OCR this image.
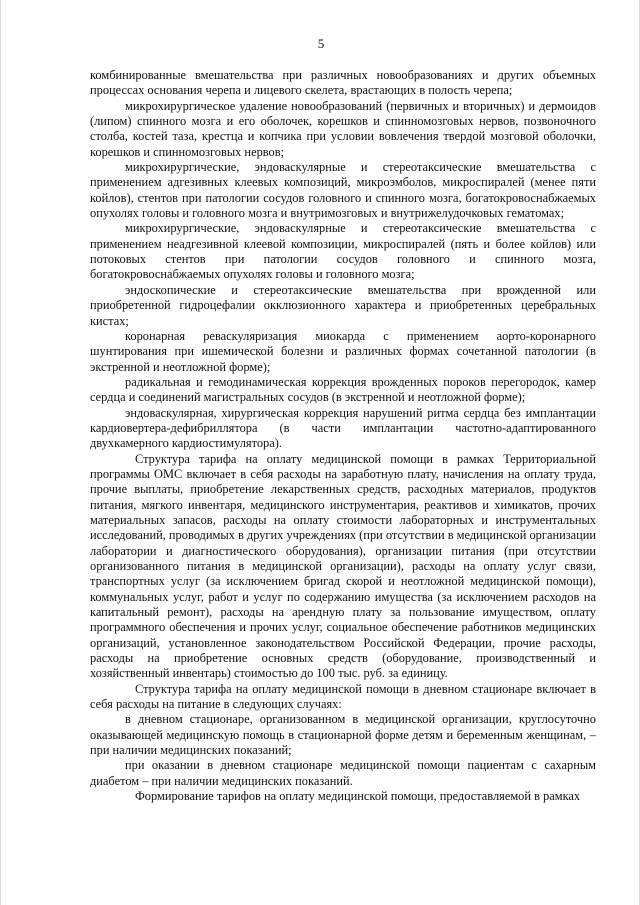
5

комбинированные вмешательства при различных новообразованиях и других объемных процессах основания черепа и лицевого скелета, врастающих в полость черепа;

микрохирургическое удаление новообразований (первичных и вторичных) и дермоидов (липом) спинного мозга и его оболочек, корешков и спинномозговых нервов, позвоночного столба, костей таза, крестца и копчика при условии вовлечения твердой мозговой оболочки, корешков и спинномозговых нервов;

микрохирургические, эндоваскулярные и стереотаксические вмешательства с применением адгезивных клеевых композиций, микроэмболов, микроспиралей (менее пяти койлов), стентов при патологии сосудов головного и спинного мозга, богатокровоснабжаемых опухолях головы и головного мозга и внутримозговых и внутрижелудочковых гематомах;

микрохирургические, эндоваскулярные и стереотаксические вмешательства с применением неадгезивной клеевой композиции, микроспиралей (пять и более койлов) или потоковых стентов при патологии сосудов головного и спинного мозга, богатокровоснабжаемых опухолях головы и головного мозга;

эндоскопические и стереотаксические вмешательства при врожденной или приобретенной гидроцефалии окклюзионного характера и приобретенных церебральных кистах;

коронарная реваскуляризация миокарда с применением аорто-коронарного шунтирования при ишемической болезни и различных формах сочетанной патологии (в экстренной и неотложной форме);

радикальная и гемодинамическая коррекция врожденных пороков перегородок, камер сердца и соединений магистральных сосудов (в экстренной и неотложной форме);

эндоваскулярная, хирургическая коррекция нарушений ритма сердца без имплантации кардиовертера-дефибриллятора (в части имплантации частотно-адаптированного двухкамерного кардиостимулятора).

Структура тарифа на оплату медицинской помощи в рамках Территориальной программы ОМС включает в себя расходы на заработную плату, начисления на оплату труда, прочие выплаты, приобретение лекарственных средств, расходных материалов, продуктов питания, мягкого инвентаря, медицинского инструментария, реактивов и химикатов, прочих материальных запасов, расходы на оплату стоимости лабораторных и инструментальных исследований, проводимых в других учреждениях (при отсутствии в медицинской организации лаборатории и диагностического оборудования), организации питания (при отсутствии организованного питания в медицинской организации), расходы на оплату услуг связи, транспортных услуг (за исключением бригад скорой и неотложной медицинской помощи), коммунальных услуг, работ и услуг по содержанию имущества (за исключением расходов на капитальный ремонт), расходы на арендную плату за пользование имуществом, оплату программного обеспечения и прочих услуг, социальное обеспечение работников медицинских организаций, установленное законодательством Российской Федерации, прочие расходы, расходы на приобретение основных средств (оборудование, производственный и хозяйственный инвентарь) стоимостью до 100 тыс. руб. за единицу.

Структура тарифа на оплату медицинской помощи в дневном стационаре включает в себя расходы на питание в следующих случаях:

в дневном стационаре, организованном в медицинской организации, круглосуточно оказывающей медицинскую помощь в стационарной форме детям и беременным женщинам, – при наличии медицинских показаний;

при оказании в дневном стационаре медицинской помощи пациентам с сахарным диабетом – при наличии медицинских показаний.

Формирование тарифов на оплату медицинской помощи, предоставляемой в рамках
